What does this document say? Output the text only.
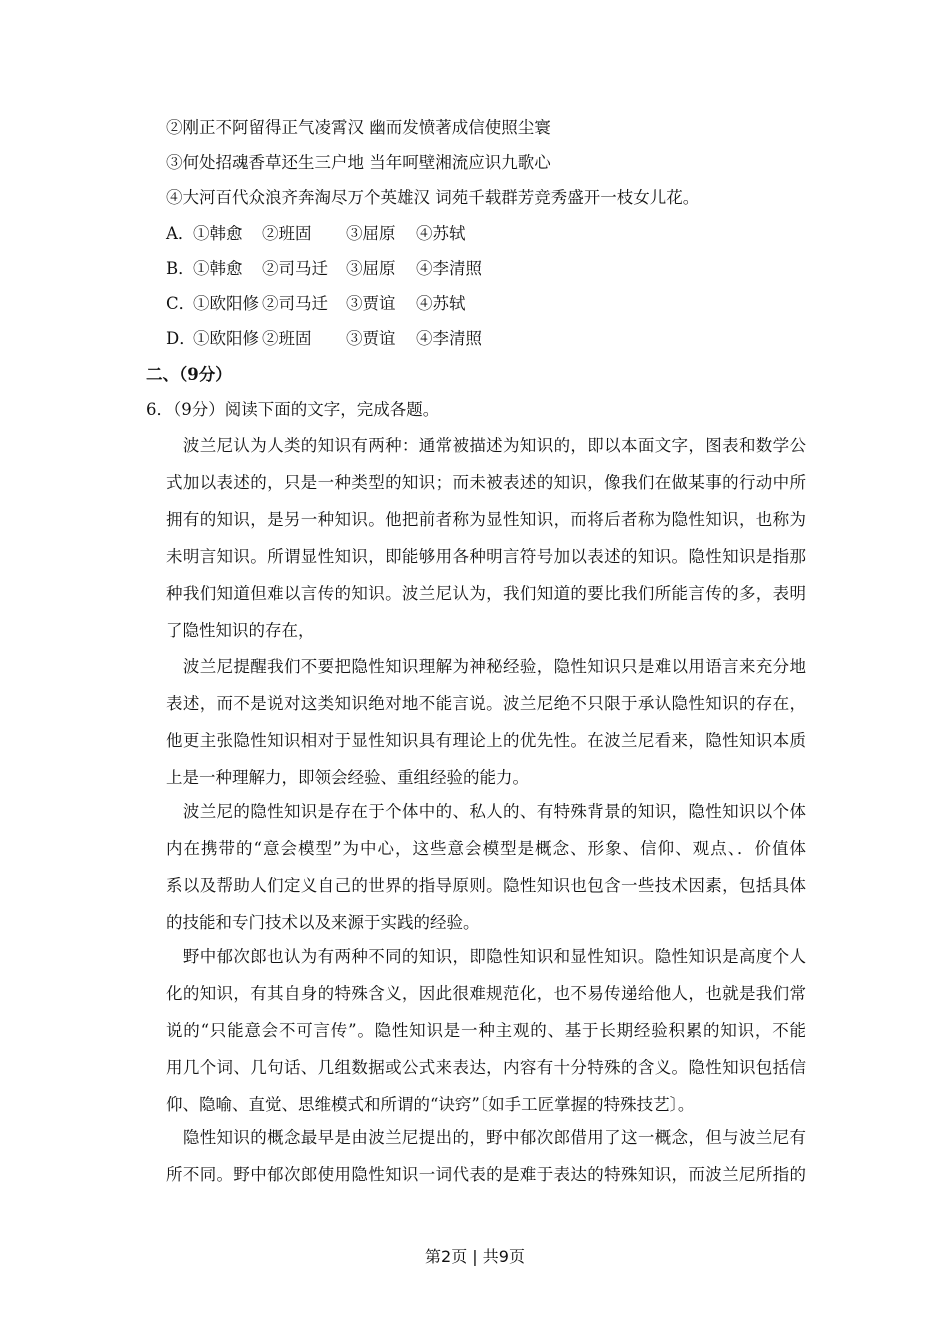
②刚正不阿留得正气凌霄汉 幽而发愤著成信使照尘寰
③何处招魂香草还生三户地 当年呵壁湘流应识九歌心
④大河百代众浪齐奔淘尽万个英雄汉 词苑千载群芳竞秀盛开一枝女儿花。
A．
①韩愈 ②班固 ③屈原 ④苏轼
B．
①韩愈 ②司马迁 ③屈原 ④李清照
C．
①欧阳修 ②司马迁 ③贾谊 ④苏轼
D．
①欧阳修 ②班固 ③贾谊 ④李清照
二、（9分）
6．（9分）阅读下面的文字，完成各题。
　波兰尼认为人类的知识有两种：通常被描述为知识的，即以本面文字，图表和数学公
式加以表述的，只是一种类型的知识；而未被表述的知识，像我们在做某事的行动中所
拥有的知识，是另一种知识。他把前者称为显性知识，而将后者称为隐性知识，也称为
未明言知识。所谓显性知识，即能够用各种明言符号加以表述的知识。隐性知识是指那
种我们知道但难以言传的知识。波兰尼认为，我们知道的要比我们所能言传的多，表明
了隐性知识的存在，
　波兰尼提醒我们不要把隐性知识理解为神秘经验，隐性知识只是难以用语言来充分地
表述，而不是说对这类知识绝对地不能言说。波兰尼绝不只限于承认隐性知识的存在，
他更主张隐性知识相对于显性知识具有理论上的优先性。在波兰尼看来，隐性知识本质
上是一种理解力，即领会经验、重组经验的能力。
　波兰尼的隐性知识是存在于个体中的、私人的、有特殊背景的知识，隐性知识以个体
内在携带的“意会模型”为中心，这些意会模型是概念、形象、信仰、观点、．价值体
系以及帮助人们定义自己的世界的指导原则。隐性知识也包含一些技术因素，包括具体
的技能和专门技术以及来源于实践的经验。
　野中郁次郎也认为有两种不同的知识，即隐性知识和显性知识。隐性知识是高度个人
化的知识，有其自身的特殊含义，因此很难规范化，也不易传递给他人，也就是我们常
说的“只能意会不可言传”。隐性知识是一种主观的、基于长期经验积累的知识，不能
用几个词、几句话、几组数据或公式来表达，内容有十分特殊的含义。隐性知识包括信
仰、隐喻、直觉、思维模式和所谓的“诀窍”〔如手工匠掌握的特殊技艺〕。
　隐性知识的概念最早是由波兰尼提出的，野中郁次郎借用了这一概念，但与波兰尼有
所不同。野中郁次郎使用隐性知识一词代表的是难于表达的特殊知识，而波兰尼所指的
第2页 | 共9页
